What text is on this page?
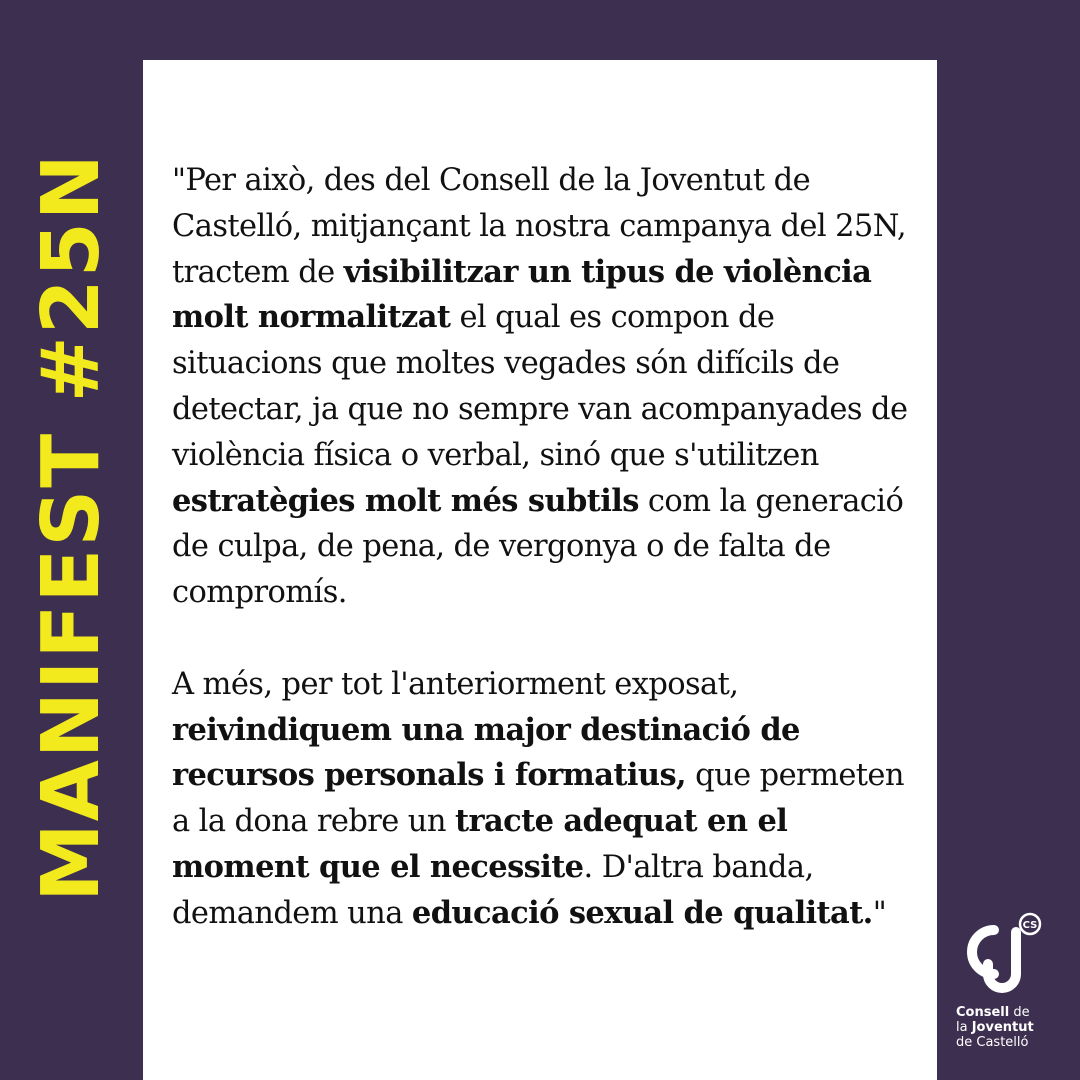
MANIFEST #25N "Per això, des del Consell de la Joventut de Castelló, mitjançant la nostra campanya del 25N, tractem de visibilitzar un tipus de violència molt normalitzat el qual es compon de situacions que moltes vegades són difícils de detectar, ja que no sempre van acompanyades de violència física o verbal, sinó que s'utilitzen estratègies molt més subtils com la generació de culpa, de pena, de vergonya o de falta de compromís.

A més, per tot l'anteriorment exposat, reivindiquem una major destinació de recursos personals i formatius, que permeten a la dona rebre un tracte adequat en el moment que el necessite. D'altra banda, demandem una educació sexual de qualitat."	CS
Consell de
la Joventut
de Castelló
